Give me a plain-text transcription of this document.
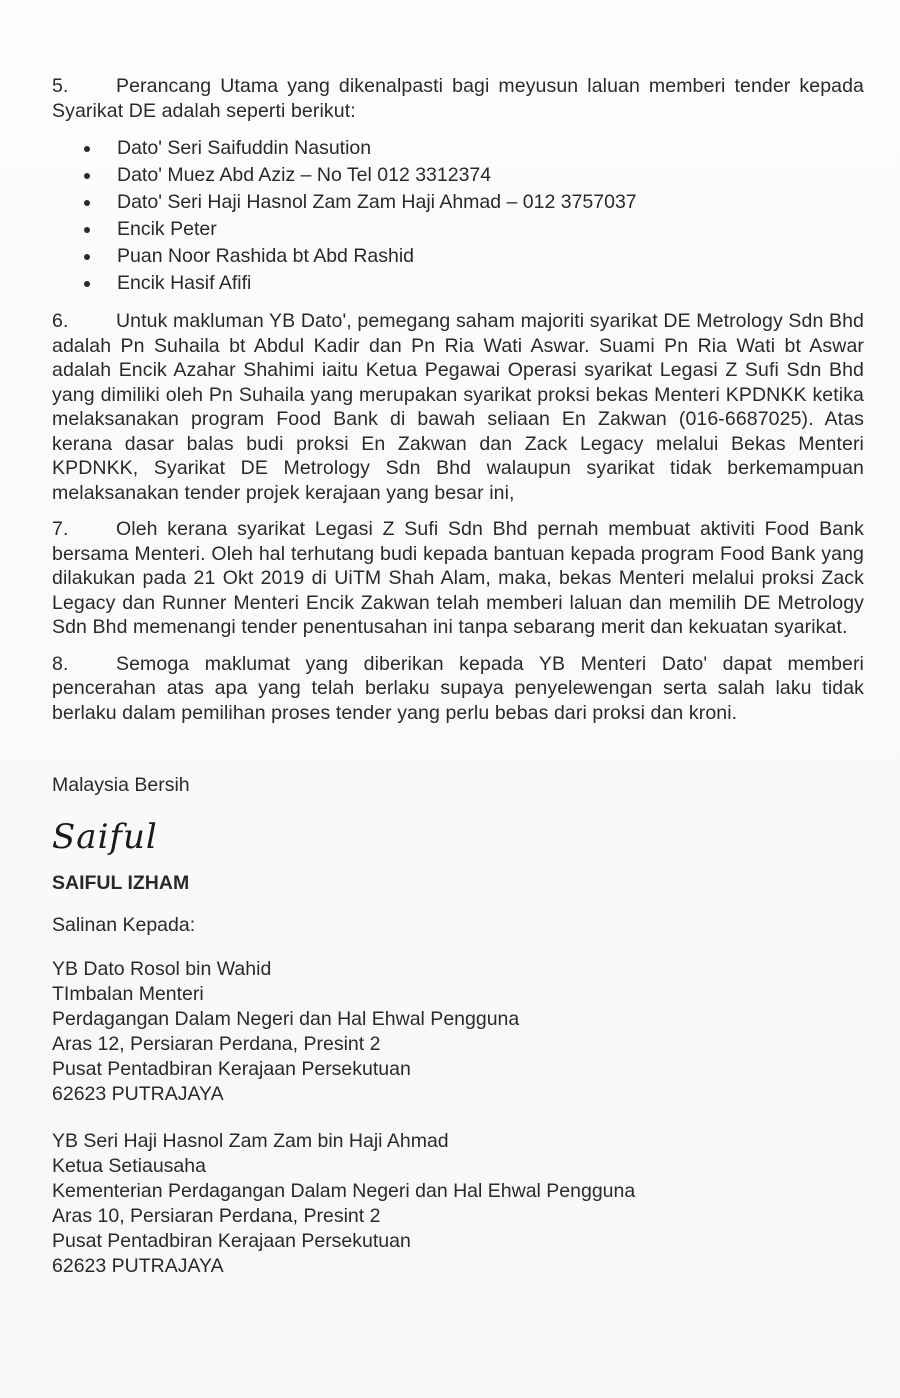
5. Perancang Utama yang dikenalpasti bagi meyusun laluan memberi tender kepada Syarikat DE adalah seperti berikut:

Dato' Seri Saifuddin Nasution
Dato' Muez Abd Aziz – No Tel 012 3312374
Dato' Seri Haji Hasnol Zam Zam Haji Ahmad – 012 3757037
Encik Peter
Puan Noor Rashida bt Abd Rashid
Encik Hasif Afifi

6. Untuk makluman YB Dato', pemegang saham majoriti syarikat DE Metrology Sdn Bhd adalah Pn Suhaila bt Abdul Kadir dan Pn Ria Wati Aswar. Suami Pn Ria Wati bt Aswar adalah Encik Azahar Shahimi iaitu Ketua Pegawai Operasi syarikat Legasi Z Sufi Sdn Bhd yang dimiliki oleh Pn Suhaila yang merupakan syarikat proksi bekas Menteri KPDNKK ketika melaksanakan program Food Bank di bawah seliaan En Zakwan (016-6687025). Atas kerana dasar balas budi proksi En Zakwan dan Zack Legacy melalui Bekas Menteri KPDNKK, Syarikat DE Metrology Sdn Bhd walaupun syarikat tidak berkemampuan melaksanakan tender projek kerajaan yang besar ini,

7. Oleh kerana syarikat Legasi Z Sufi Sdn Bhd pernah membuat aktiviti Food Bank bersama Menteri. Oleh hal terhutang budi kepada bantuan kepada program Food Bank yang dilakukan pada 21 Okt 2019 di UiTM Shah Alam, maka, bekas Menteri melalui proksi Zack Legacy dan Runner Menteri Encik Zakwan telah memberi laluan dan memilih DE Metrology Sdn Bhd memenangi tender penentusahan ini tanpa sebarang merit dan kekuatan syarikat.

8. Semoga maklumat yang diberikan kepada YB Menteri Dato' dapat memberi pencerahan atas apa yang telah berlaku supaya penyelewengan serta salah laku tidak berlaku dalam pemilihan proses tender yang perlu bebas dari proksi dan kroni.

Malaysia Bersih
Saiful
SAIFUL IZHAM
Salinan Kepada:
YB Dato Rosol bin Wahid
TImbalan Menteri
Perdagangan Dalam Negeri dan Hal Ehwal Pengguna
Aras 12, Persiaran Perdana, Presint 2
Pusat Pentadbiran Kerajaan Persekutuan
62623 PUTRAJAYA
YB Seri Haji Hasnol Zam Zam bin Haji Ahmad
Ketua Setiausaha
Kementerian Perdagangan Dalam Negeri dan Hal Ehwal Pengguna
Aras 10, Persiaran Perdana, Presint 2
Pusat Pentadbiran Kerajaan Persekutuan
62623 PUTRAJAYA
